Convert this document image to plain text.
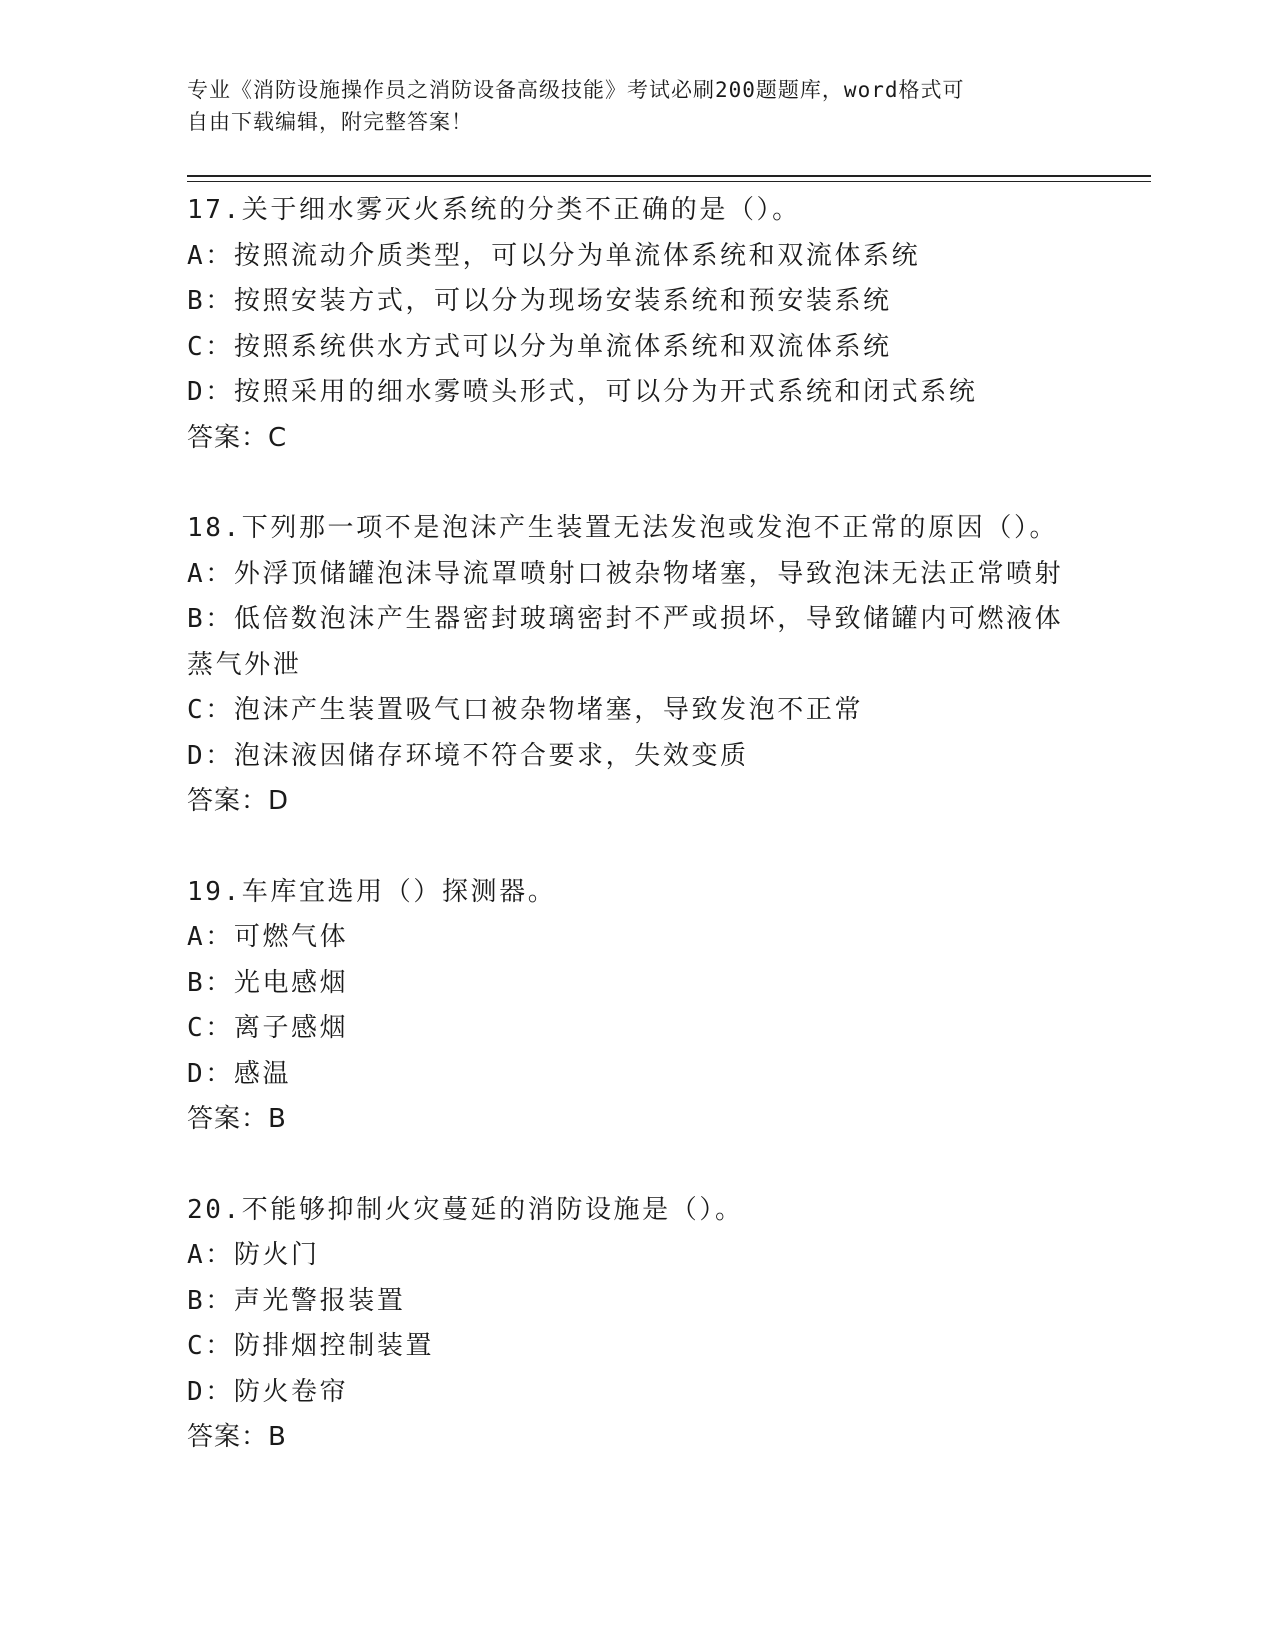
专业《消防设施操作员之消防设备高级技能》考试必刷200题题库，word格式可
自由下载编辑，附完整答案！
17.关于细水雾灭火系统的分类不正确的是（）。
A：按照流动介质类型，可以分为单流体系统和双流体系统
B：按照安装方式，可以分为现场安装系统和预安装系统
C：按照系统供水方式可以分为单流体系统和双流体系统
D：按照采用的细水雾喷头形式，可以分为开式系统和闭式系统
答案：C
18.下列那一项不是泡沫产生装置无法发泡或发泡不正常的原因（）。
A：外浮顶储罐泡沫导流罩喷射口被杂物堵塞，导致泡沫无法正常喷射
B：低倍数泡沫产生器密封玻璃密封不严或损坏，导致储罐内可燃液体蒸气外泄
C：泡沫产生装置吸气口被杂物堵塞，导致发泡不正常
D：泡沫液因储存环境不符合要求，失效变质
答案：D
19.车库宜选用（）探测器。
A：可燃气体
B：光电感烟
C：离子感烟
D：感温
答案：B
20.不能够抑制火灾蔓延的消防设施是（）。
A：防火门
B：声光警报装置
C：防排烟控制装置
D：防火卷帘
答案：B
